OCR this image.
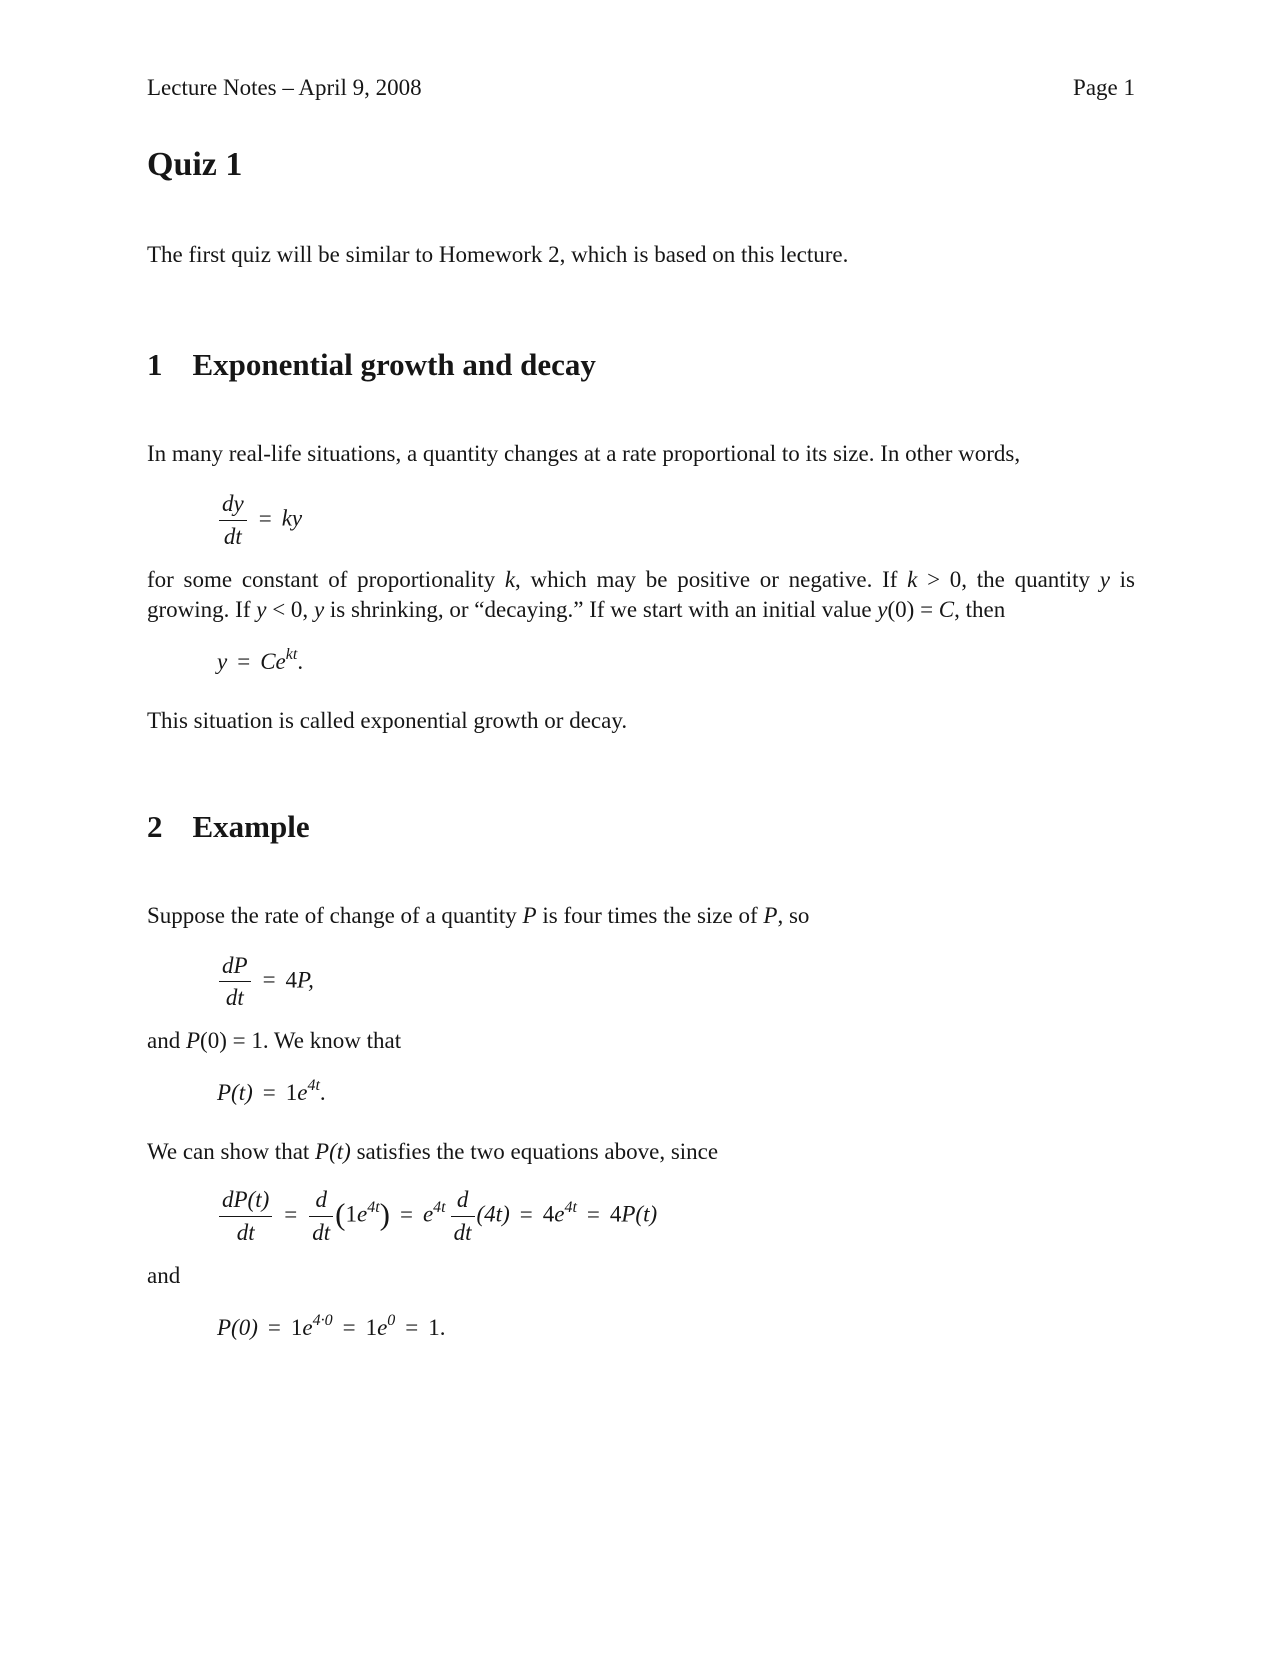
Lecture Notes – April 9, 2008	Page 1
Quiz 1

The first quiz will be similar to Homework 2, which is based on this lecture.

1 Exponential growth and decay

In many real-life situations, a quantity changes at a rate proportional to its size. In other words,

$\frac{dy}{dt}$ = ky

for some constant of proportionality k, which may be positive or negative. If k > 0, the quantity y is growing. If y < 0, y is shrinking, or “decaying.” If we start with an initial value y(0) = C, then

$y = Ce^{kt}$.

This situation is called exponential growth or decay.

2 Example

Suppose the rate of change of a quantity P is four times the size of P, so

$\frac{dP}{dt} = 4P$,

and P(0) = 1. We know that

$P(t) = 1e^{4t}$.

We can show that P(t) satisfies the two equations above, since

$\frac{dP(t)}{dt} = \frac{d}{dt} (1e^{4t}) = e^{4t} \frac{d}{dt} (4t) = 4e^{4t} = 4P(t)$

and

$P(0) = 1e^{4\cdot 0} = 1e^0 = 1$.
